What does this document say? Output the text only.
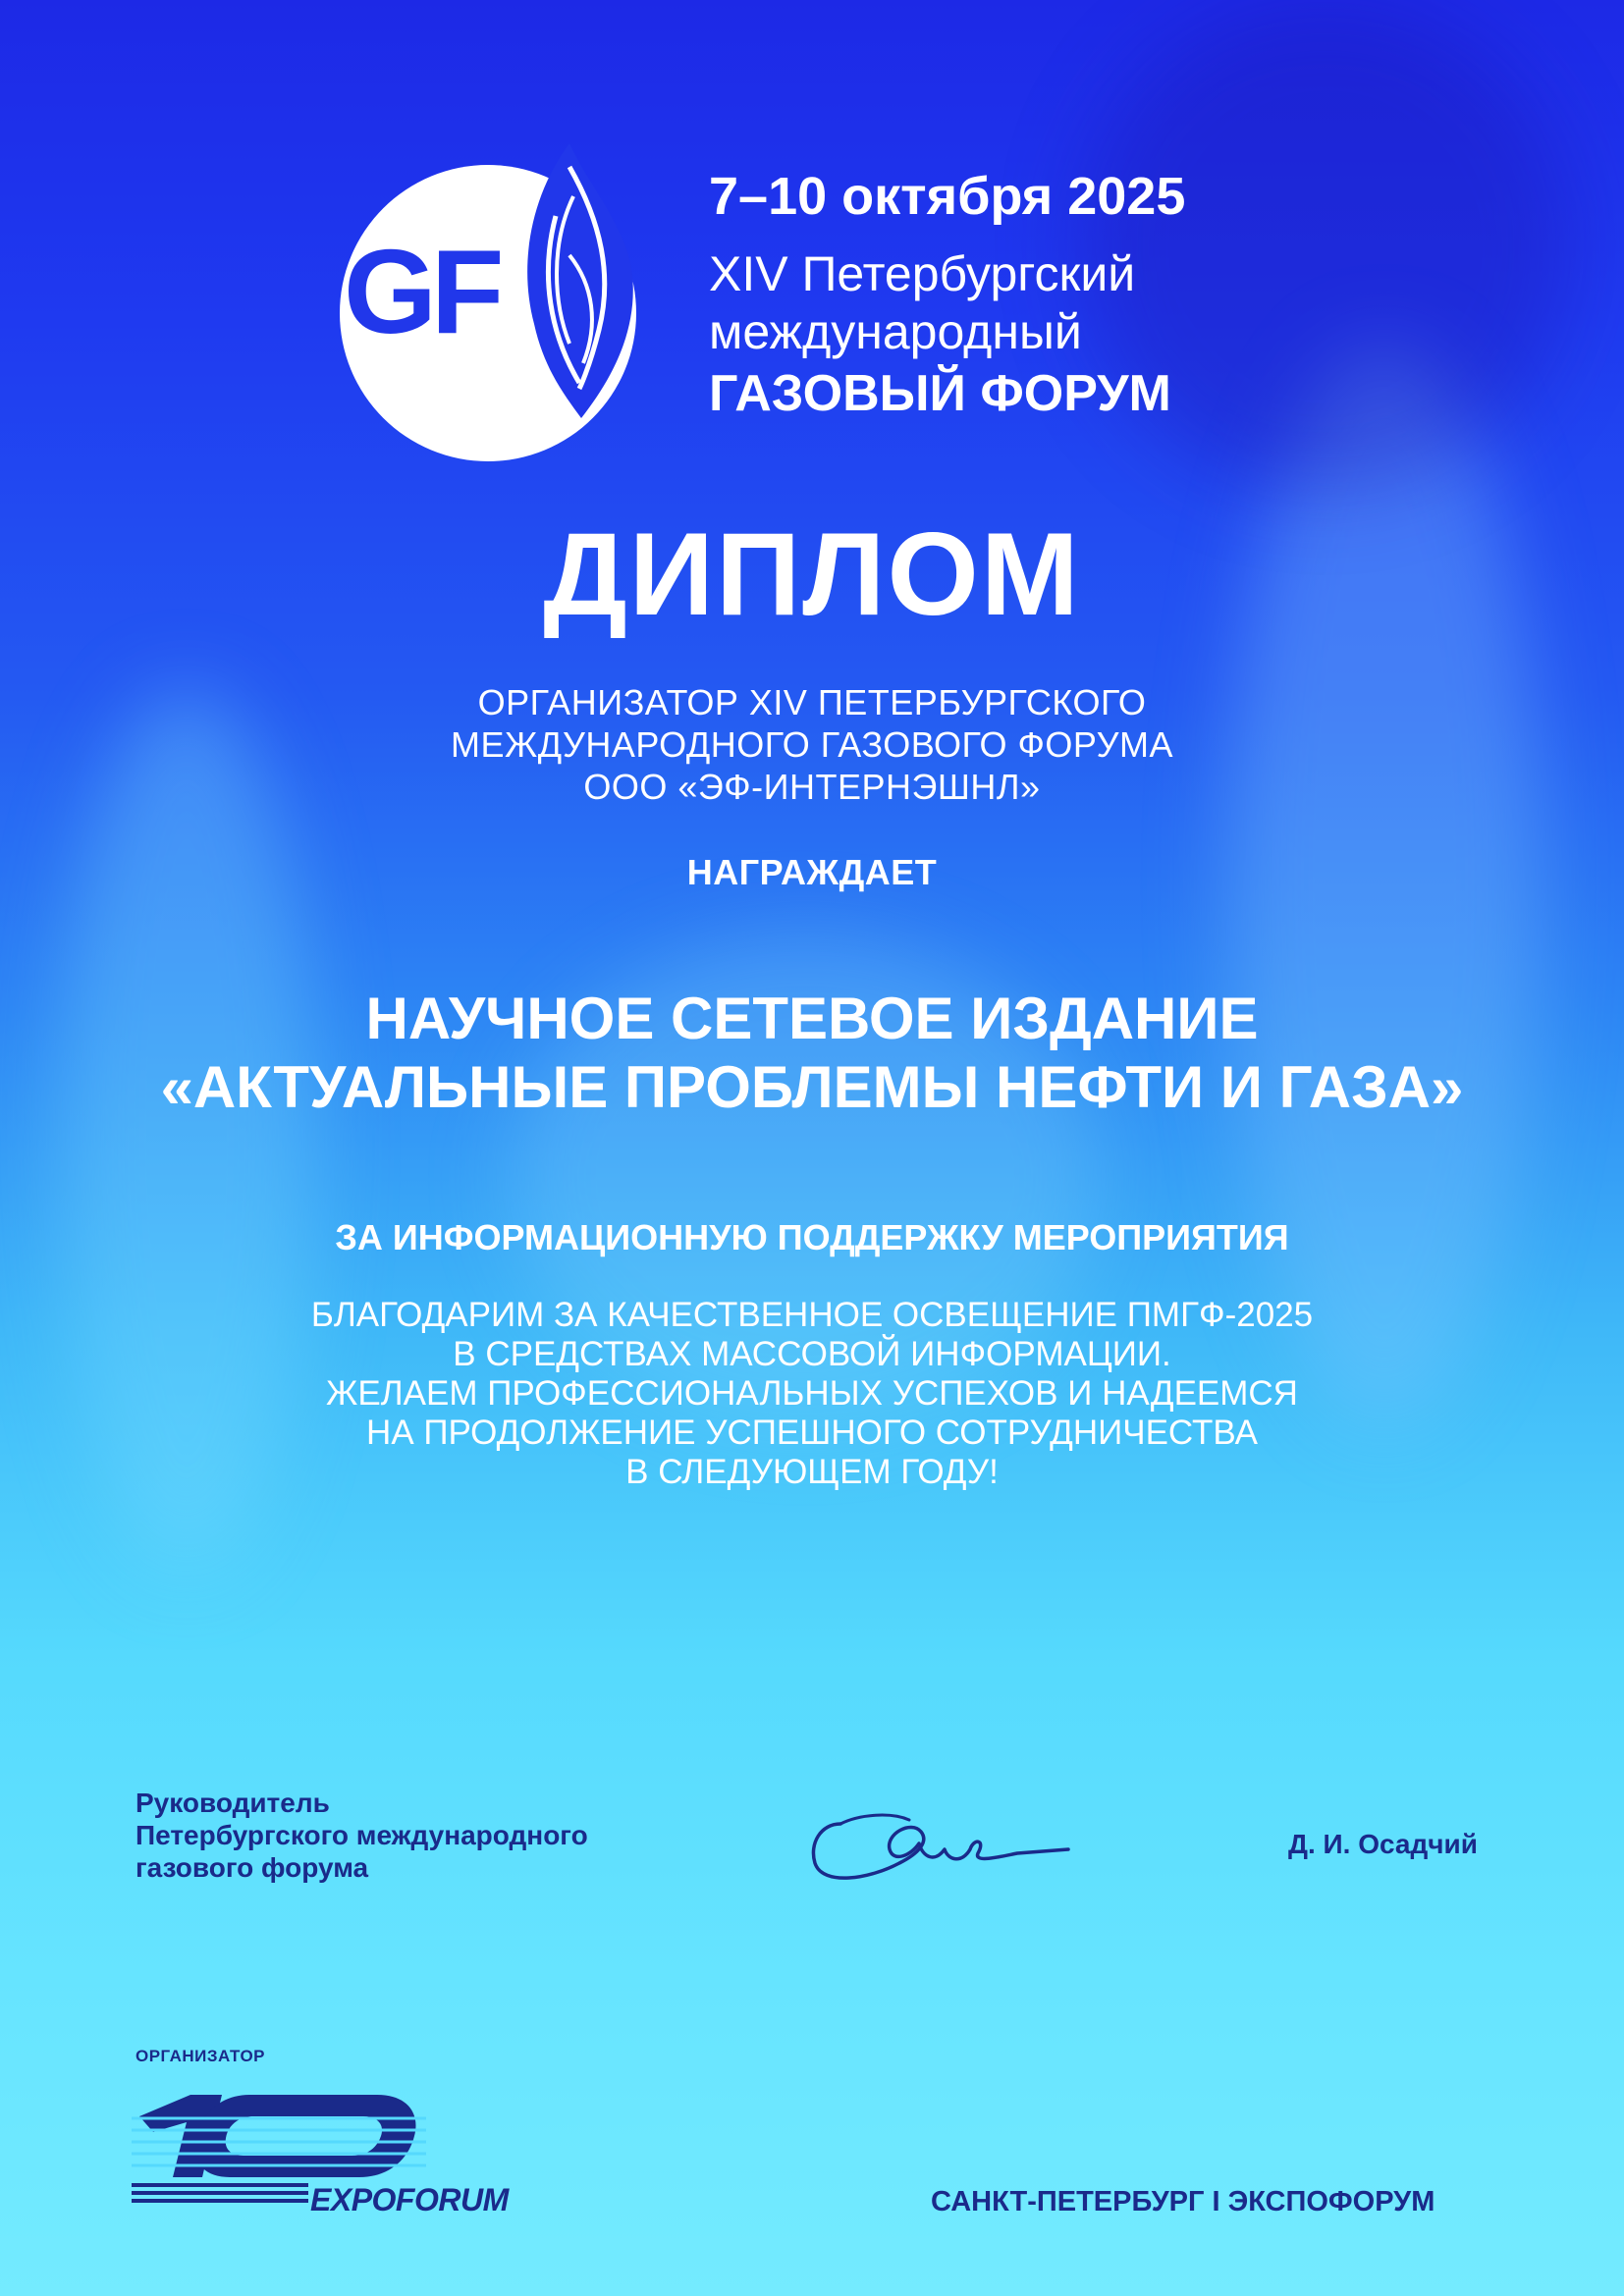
GF
7–10 октября 2025
XIV Петербургский
международный
ГАЗОВЫЙ ФОРУМ
ДИПЛОМ
ОРГАНИЗАТОР XIV ПЕТЕРБУРГСКОГО
МЕЖДУНАРОДНОГО ГАЗОВОГО ФОРУМА
ООО «ЭФ-ИНТЕРНЭШНЛ»
НАГРАЖДАЕТ
НАУЧНОЕ СЕТЕВОЕ ИЗДАНИЕ
«АКТУАЛЬНЫЕ ПРОБЛЕМЫ НЕФТИ И ГАЗА»
ЗА ИНФОРМАЦИОННУЮ ПОДДЕРЖКУ МЕРОПРИЯТИЯ
БЛАГОДАРИМ ЗА КАЧЕСТВЕННОЕ ОСВЕЩЕНИЕ ПМГФ-2025
В СРЕДСТВАХ МАССОВОЙ ИНФОРМАЦИИ.
ЖЕЛАЕМ ПРОФЕССИОНАЛЬНЫХ УСПЕХОВ И НАДЕЕМСЯ
НА ПРОДОЛЖЕНИЕ УСПЕШНОГО СОТРУДНИЧЕСТВА
В СЛЕДУЮЩЕМ ГОДУ!
Руководитель
Петербургского международного
газового форума
Д. И. Осадчий
ОРГАНИЗАТОР
EXPOFORUM	САНКТ-ПЕТЕРБУРГ I ЭКСПОФОРУМ
